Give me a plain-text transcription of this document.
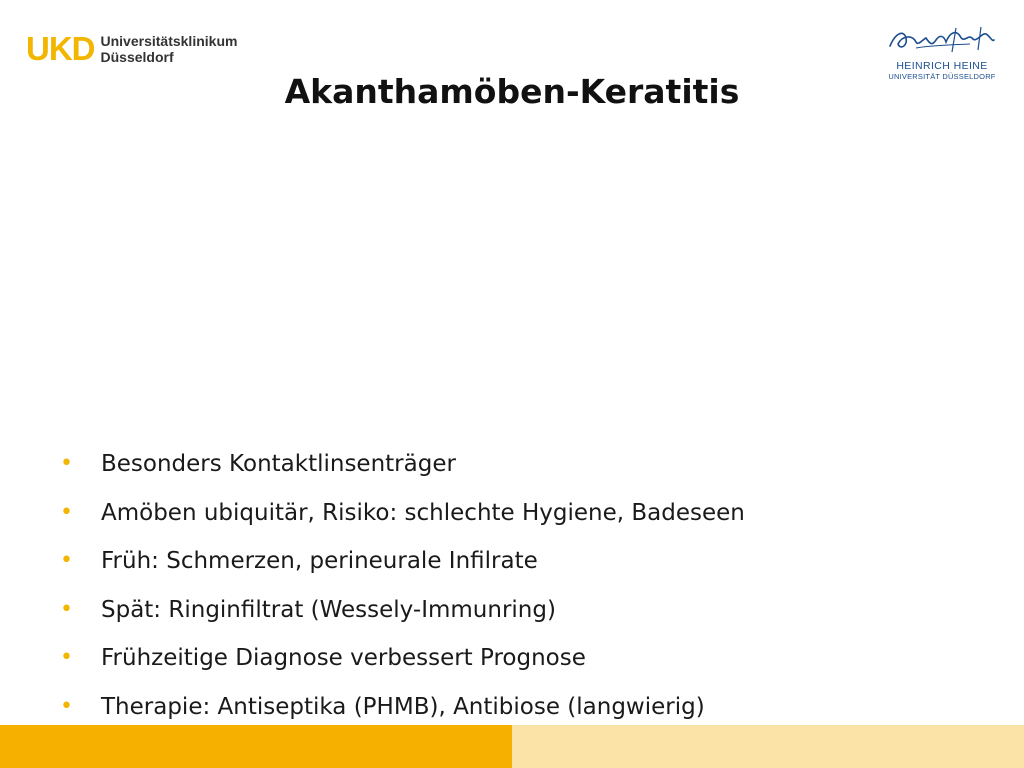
UKD Universitätsklinikum
Düsseldorf
HEINRICH HEINE
UNIVERSITÄT DÜSSELDORF
Akanthamöben-Keratitis
• Besonders Kontaktlinsenträger
• Amöben ubiquitär, Risiko: schlechte Hygiene, Badeseen
• Früh: Schmerzen, perineurale Infilrate
• Spät: Ringinfiltrat (Wessely-Immunring)
• Frühzeitige Diagnose verbessert Prognose
• Therapie: Antiseptika (PHMB), Antibiose (langwierig)
